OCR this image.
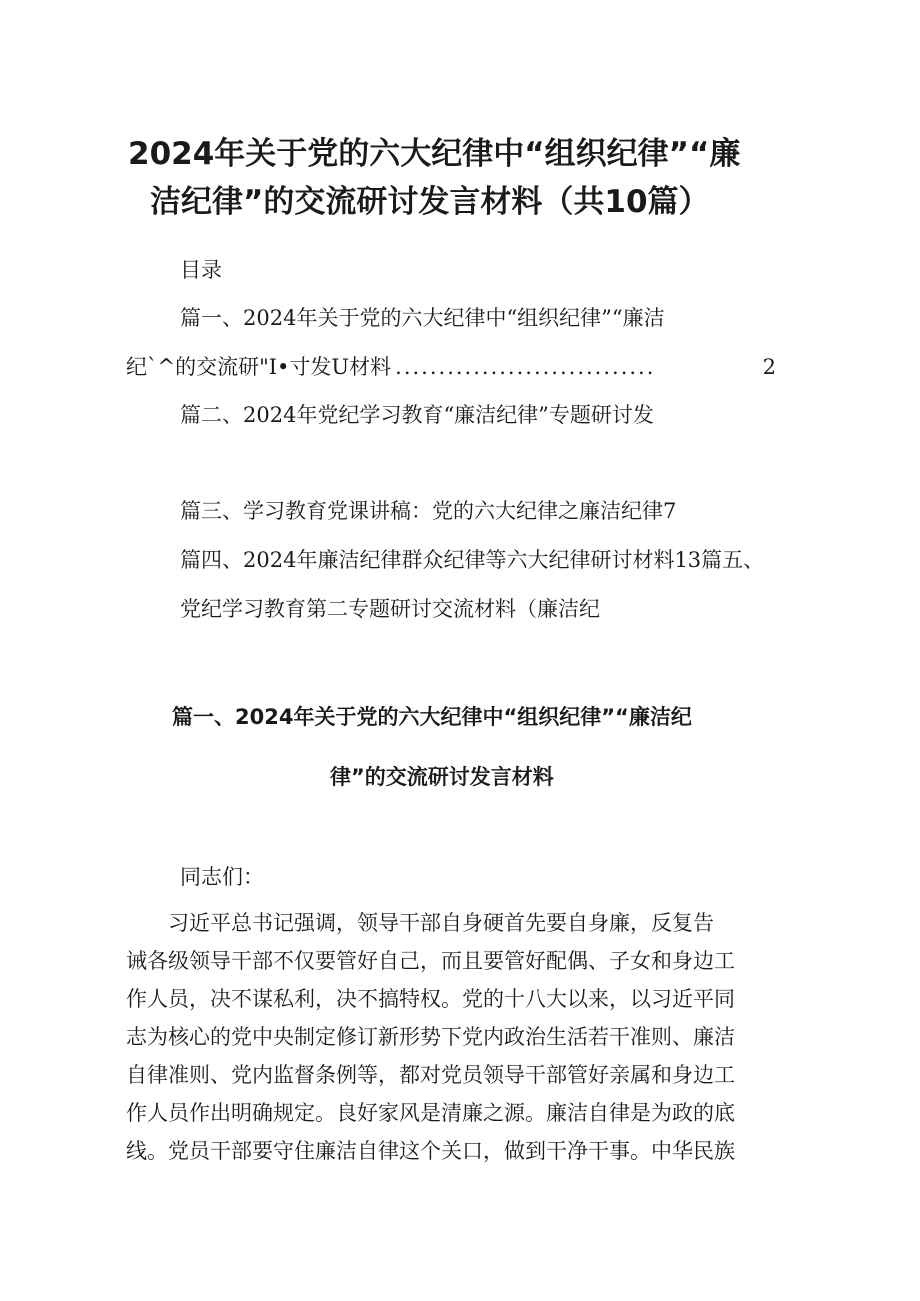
2024年关于党的六大纪律中“组织纪律”“廉
洁纪律”的交流研讨发言材料（共10篇）
目录
篇一、2024年关于党的六大纪律中“组织纪律”“廉洁
纪`^的交流研"I•寸发U材料 ..............................	2
篇二、2024年党纪学习教育“廉洁纪律”专题研讨发
篇三、学习教育党课讲稿：党的六大纪律之廉洁纪律7
篇四、2024年廉洁纪律群众纪律等六大纪律研讨材料13篇五、
党纪学习教育第二专题研讨交流材料（廉洁纪
篇一、2024年关于党的六大纪律中“组织纪律”“廉洁纪
律”的交流研讨发言材料
同志们：

习近平总书记强调，领导干部自身硬首先要自身廉，反复告

诫各级领导干部不仅要管好自己，而且要管好配偶、子女和身边工

作人员，决不谋私利，决不搞特权。党的十八大以来，以习近平同

志为核心的党中央制定修订新形势下党内政治生活若干准则、廉洁

自律准则、党内监督条例等，都对党员领导干部管好亲属和身边工

作人员作出明确规定。良好家风是清廉之源。廉洁自律是为政的底

线。党员干部要守住廉洁自律这个关口，做到干净干事。中华民族
